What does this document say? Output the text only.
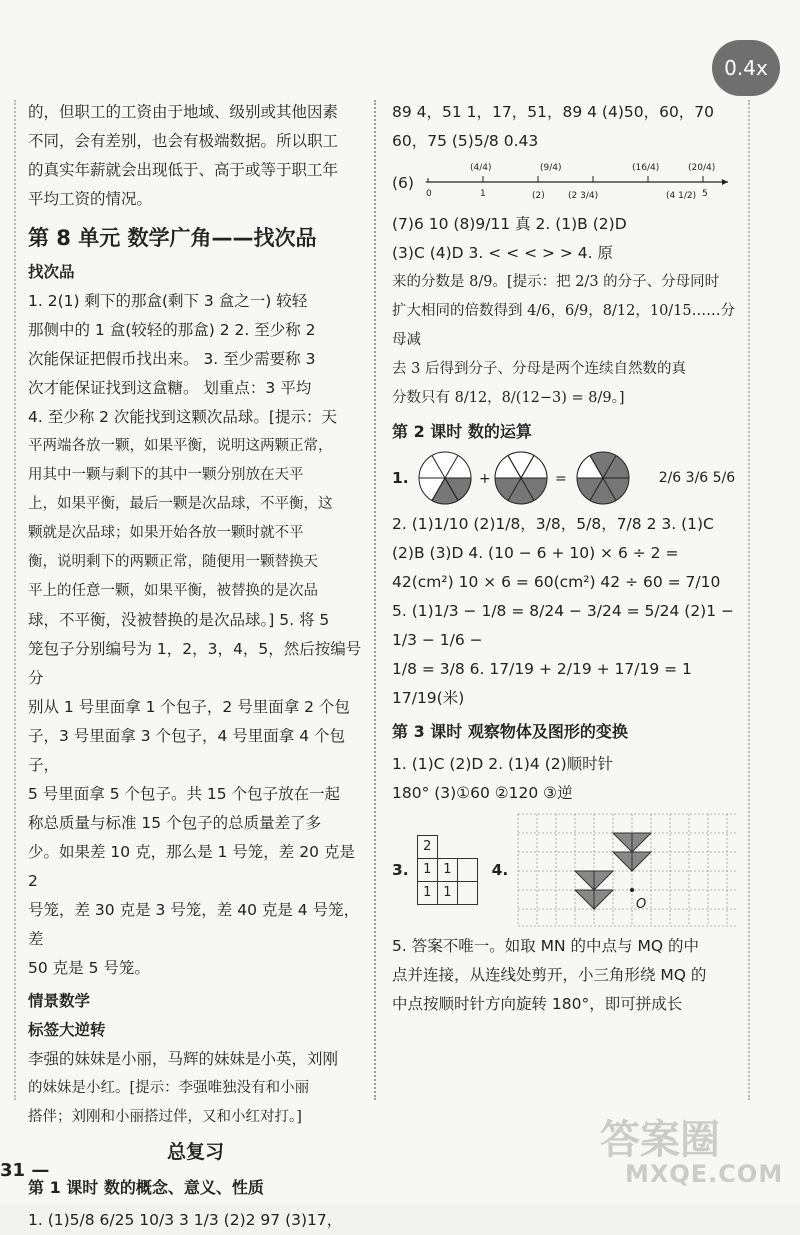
的，但职工的工资由于地域、级别或其他因素

不同，会有差别，也会有极端数据。所以职工

的真实年薪就会出现低于、高于或等于职工年

平均工资的情况。

第 8 单元 数学广角——找次品

找次品

1. 2(1) 剩下的那盒(剩下 3 盒之一) 较轻

那侧中的 1 盒(较轻的那盒) 2 2. 至少称 2

次能保证把假币找出来。 3. 至少需要称 3

次才能保证找到这盒糖。 划重点：3 平均

4. 至少称 2 次能找到这颗次品球。[提示：天

平两端各放一颗，如果平衡，说明这两颗正常，

用其中一颗与剩下的其中一颗分别放在天平

上，如果平衡，最后一颗是次品球，不平衡，这

颗就是次品球；如果开始各放一颗时就不平

衡，说明剩下的两颗正常，随便用一颗替换天

平上的任意一颗，如果平衡，被替换的是次品

球，不平衡，没被替换的是次品球。] 5. 将 5

笼包子分别编号为 1，2，3，4，5，然后按编号分

别从 1 号里面拿 1 个包子，2 号里面拿 2 个包

子，3 号里面拿 3 个包子，4 号里面拿 4 个包子，

5 号里面拿 5 个包子。共 15 个包子放在一起

称总质量与标准 15 个包子的总质量差了多

少。如果差 10 克，那么是 1 号笼，差 20 克是 2

号笼，差 30 克是 3 号笼，差 40 克是 4 号笼，差

50 克是 5 号笼。

情景数学

标签大逆转

李强的妹妹是小丽，马辉的妹妹是小英，刘刚

的妹妹是小红。[提示：李强唯独没有和小丽

搭伴；刘刚和小丽搭过伴，又和小红对打。]

总复习

第 1 课时 数的概念、意义、性质

1. (1)5/8 6/25 10/3 3 1/3 (2)2 97 (3)17，

89 4，51 1，17，51，89 4 (4)50，60，70

60，75 (5)5/8 0.43

(6)
(4/4)	(9/4)	(16/4)	(20/4)
0	1	(2)	(2 3/4)	(4 1/2) 5

(7)6 10 (8)9/11 真 2. (1)B (2)D

(3)C (4)D 3. < < < > > 4. 原

来的分数是 8/9。[提示：把 2/3 的分子、分母同时

扩大相同的倍数得到 4/6，6/9，8/12，10/15……分母减

去 3 后得到分子、分母是两个连续自然数的真

分数只有 8/12，8/(12−3) = 8/9。]

第 2 课时 数的运算

1.	+	=	2/6 3/6 5/6

2. (1)1/10 (2)1/8，3/8，5/8，7/8 2 3. (1)C

(2)B (3)D 4. (10 − 6 + 10) × 6 ÷ 2 =

42(cm²) 10 × 6 = 60(cm²) 42 ÷ 60 = 7/10

5. (1)1/3 − 1/8 = 8/24 − 3/24 = 5/24 (2)1 − 1/3 − 1/6 −

1/8 = 3/8 6. 17/19 + 2/19 + 17/19 = 1 17/19(米)

第 3 课时 观察物体及图形的变换

1. (1)C (2)D 2. (1)4 (2)顺时针

180° (3)①60 ②120 ③逆

3.
2		
1	1	
1	1	
4.
O

5. 答案不唯一。如取 MN 的中点与 MQ 的中

点并连接，从连线处剪开，小三角形绕 MQ 的

中点按顺时针方向旋转 180°，即可拼成长

31 —
答案圈
MXQE.COM
0.4x
